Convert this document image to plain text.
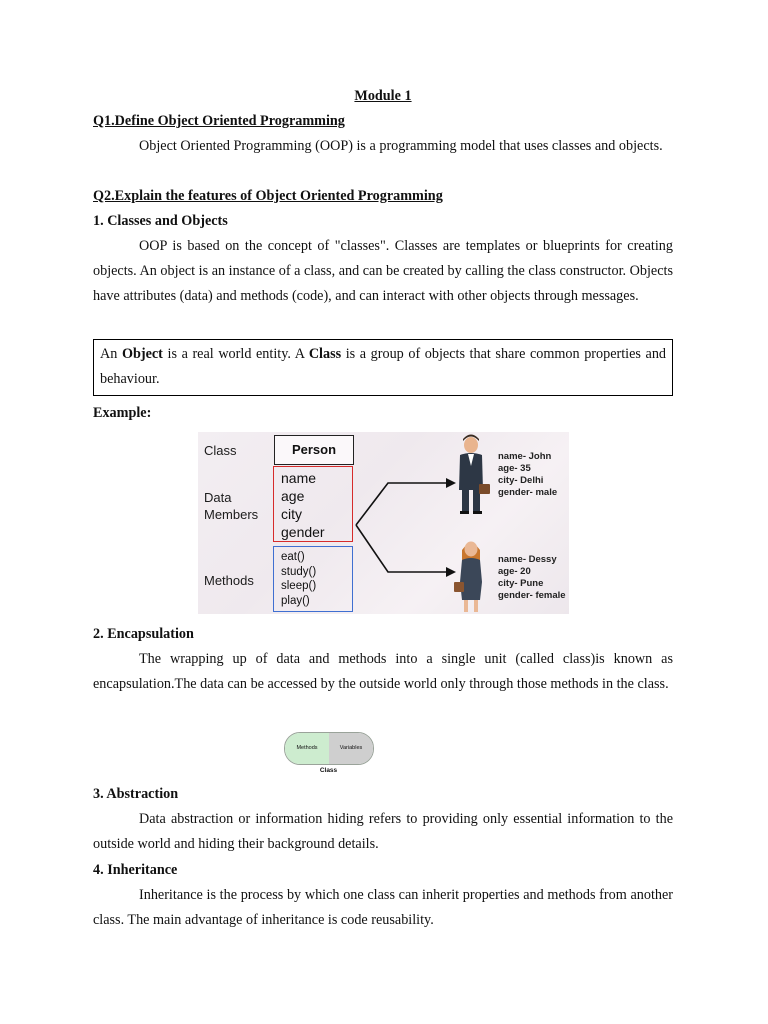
Module 1
Q1.Define Object Oriented Programming
Object Oriented Programming (OOP) is a programming model that uses classes and objects.
Q2.Explain the features of Object Oriented Programming
1. Classes and Objects
OOP is based on the concept of "classes". Classes are templates or blueprints for creating objects. An object is an instance of a class, and can be created by calling the class constructor. Objects have attributes (data) and methods (code), and can interact with other objects through messages.
An Object is a real world entity. A Class is a group of objects that share common properties and behaviour.
Example:
2. Encapsulation
The wrapping up of data and methods into a single unit (called class)is known as encapsulation.The data can be accessed by the outside world only through those methods in the class.
3. Abstraction
Data abstraction or information hiding refers to providing only essential information to the outside world and hiding their background details.
4. Inheritance
Inheritance is the process by which one class can inherit properties and methods from another class. The main advantage of inheritance is code reusability.
Class
Data
Members
Methods
Person
name
age
city
gender
eat()
study()
sleep()
play()
name- John
age- 35
city- Delhi
gender- male
name- Dessy
age- 20
city- Pune
gender- female
Methods	Variables
Class
